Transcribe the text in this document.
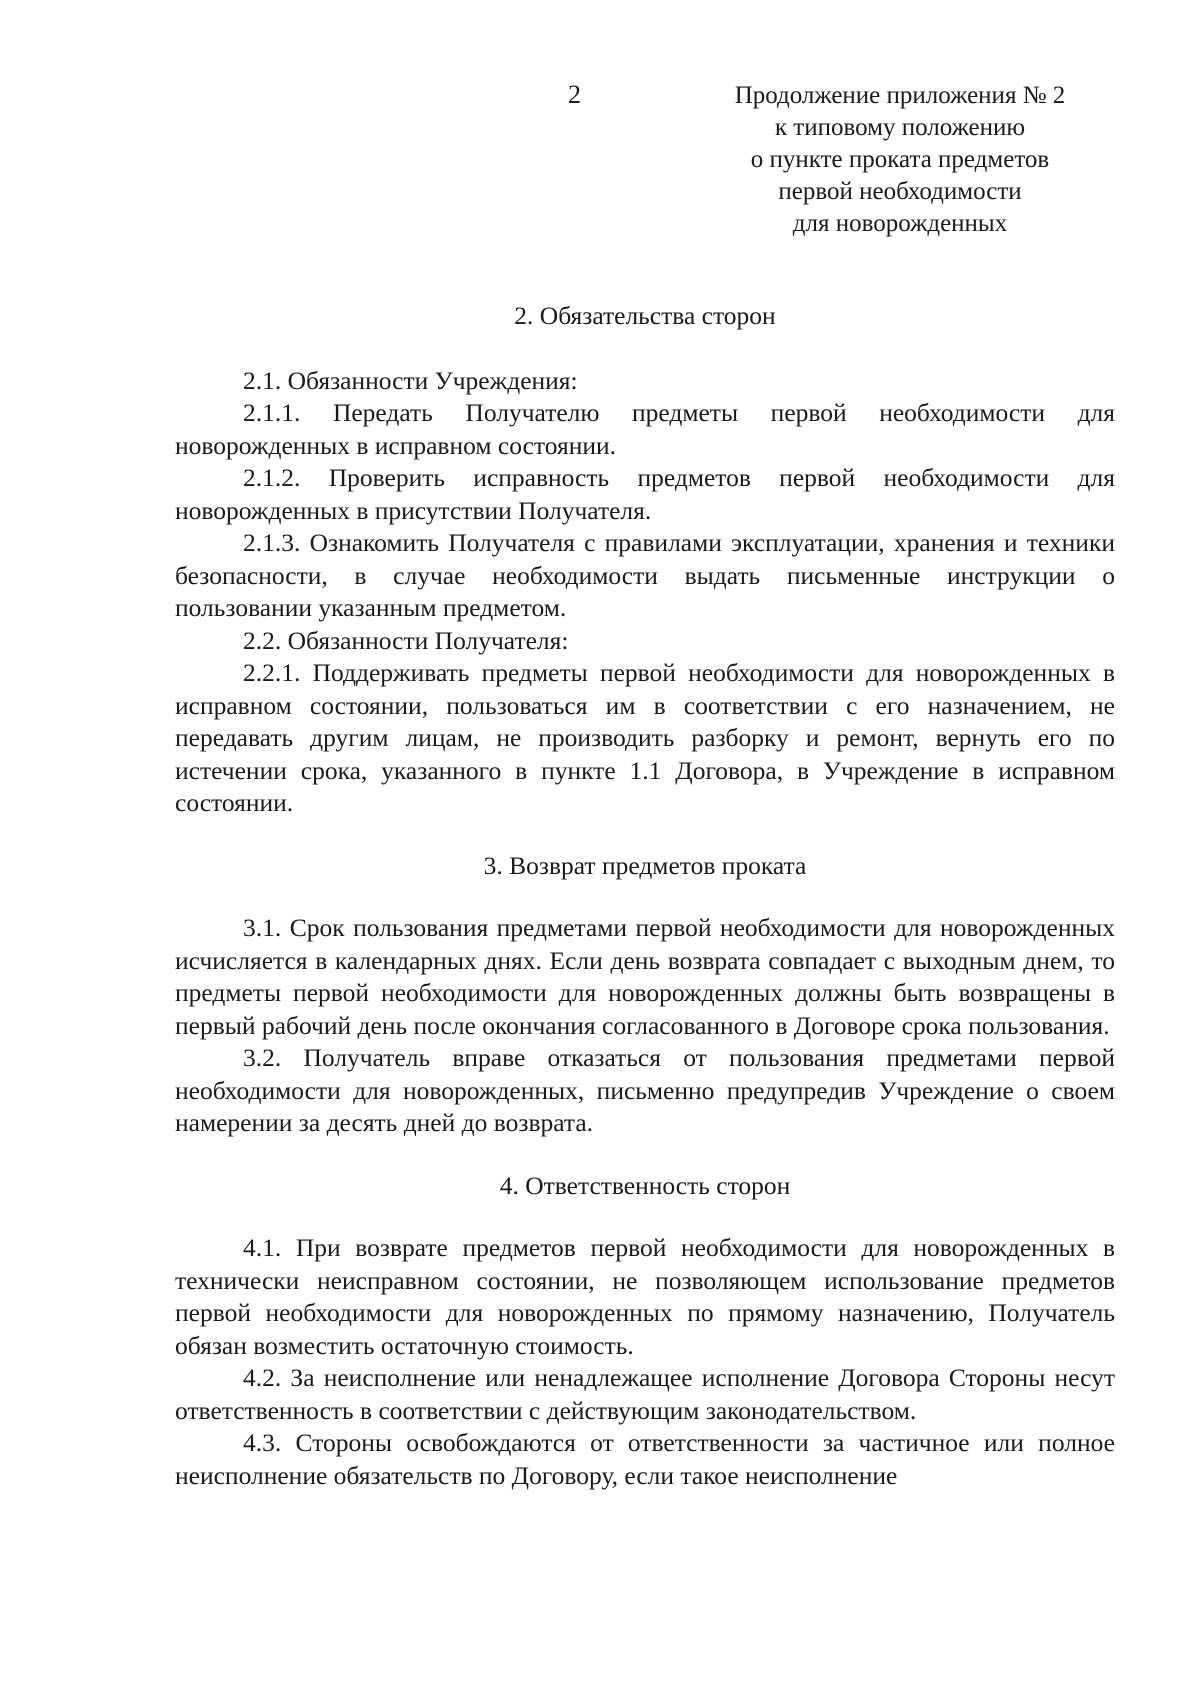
2	Продолжение приложения № 2
к типовому положению
о пункте проката предметов
первой необходимости
для новорожденных
2. Обязательства сторон

2.1. Обязанности Учреждения:

2.1.1. Передать Получателю предметы первой необходимости для новорожденных в исправном состоянии.

2.1.2. Проверить исправность предметов первой необходимости для новорожденных в присутствии Получателя.

2.1.3. Ознакомить Получателя с правилами эксплуатации, хранения и техники безопасности, в случае необходимости выдать письменные инструкции о пользовании указанным предметом.

2.2. Обязанности Получателя:

2.2.1. Поддерживать предметы первой необходимости для новорожденных в исправном состоянии, пользоваться им в соответствии с его назначением, не передавать другим лицам, не производить разборку и ремонт, вернуть его по истечении срока, указанного в пункте 1.1 Договора, в Учреждение в исправном состоянии.

3. Возврат предметов проката

3.1. Срок пользования предметами первой необходимости для новорожденных исчисляется в календарных днях. Если день возврата совпадает с выходным днем, то предметы первой необходимости для новорожденных должны быть возвращены в первый рабочий день после окончания согласованного в Договоре срока пользования.

3.2. Получатель вправе отказаться от пользования предметами первой необходимости для новорожденных, письменно предупредив Учреждение о своем намерении за десять дней до возврата.

4. Ответственность сторон

4.1. При возврате предметов первой необходимости для новорожденных в технически неисправном состоянии, не позволяющем использование предметов первой необходимости для новорожденных по прямому назначению, Получатель обязан возместить остаточную стоимость.

4.2. За неисполнение или ненадлежащее исполнение Договора Стороны несут ответственность в соответствии с действующим законодательством.

4.3. Стороны освобождаются от ответственности за частичное или полное неисполнение обязательств по Договору, если такое неисполнение
